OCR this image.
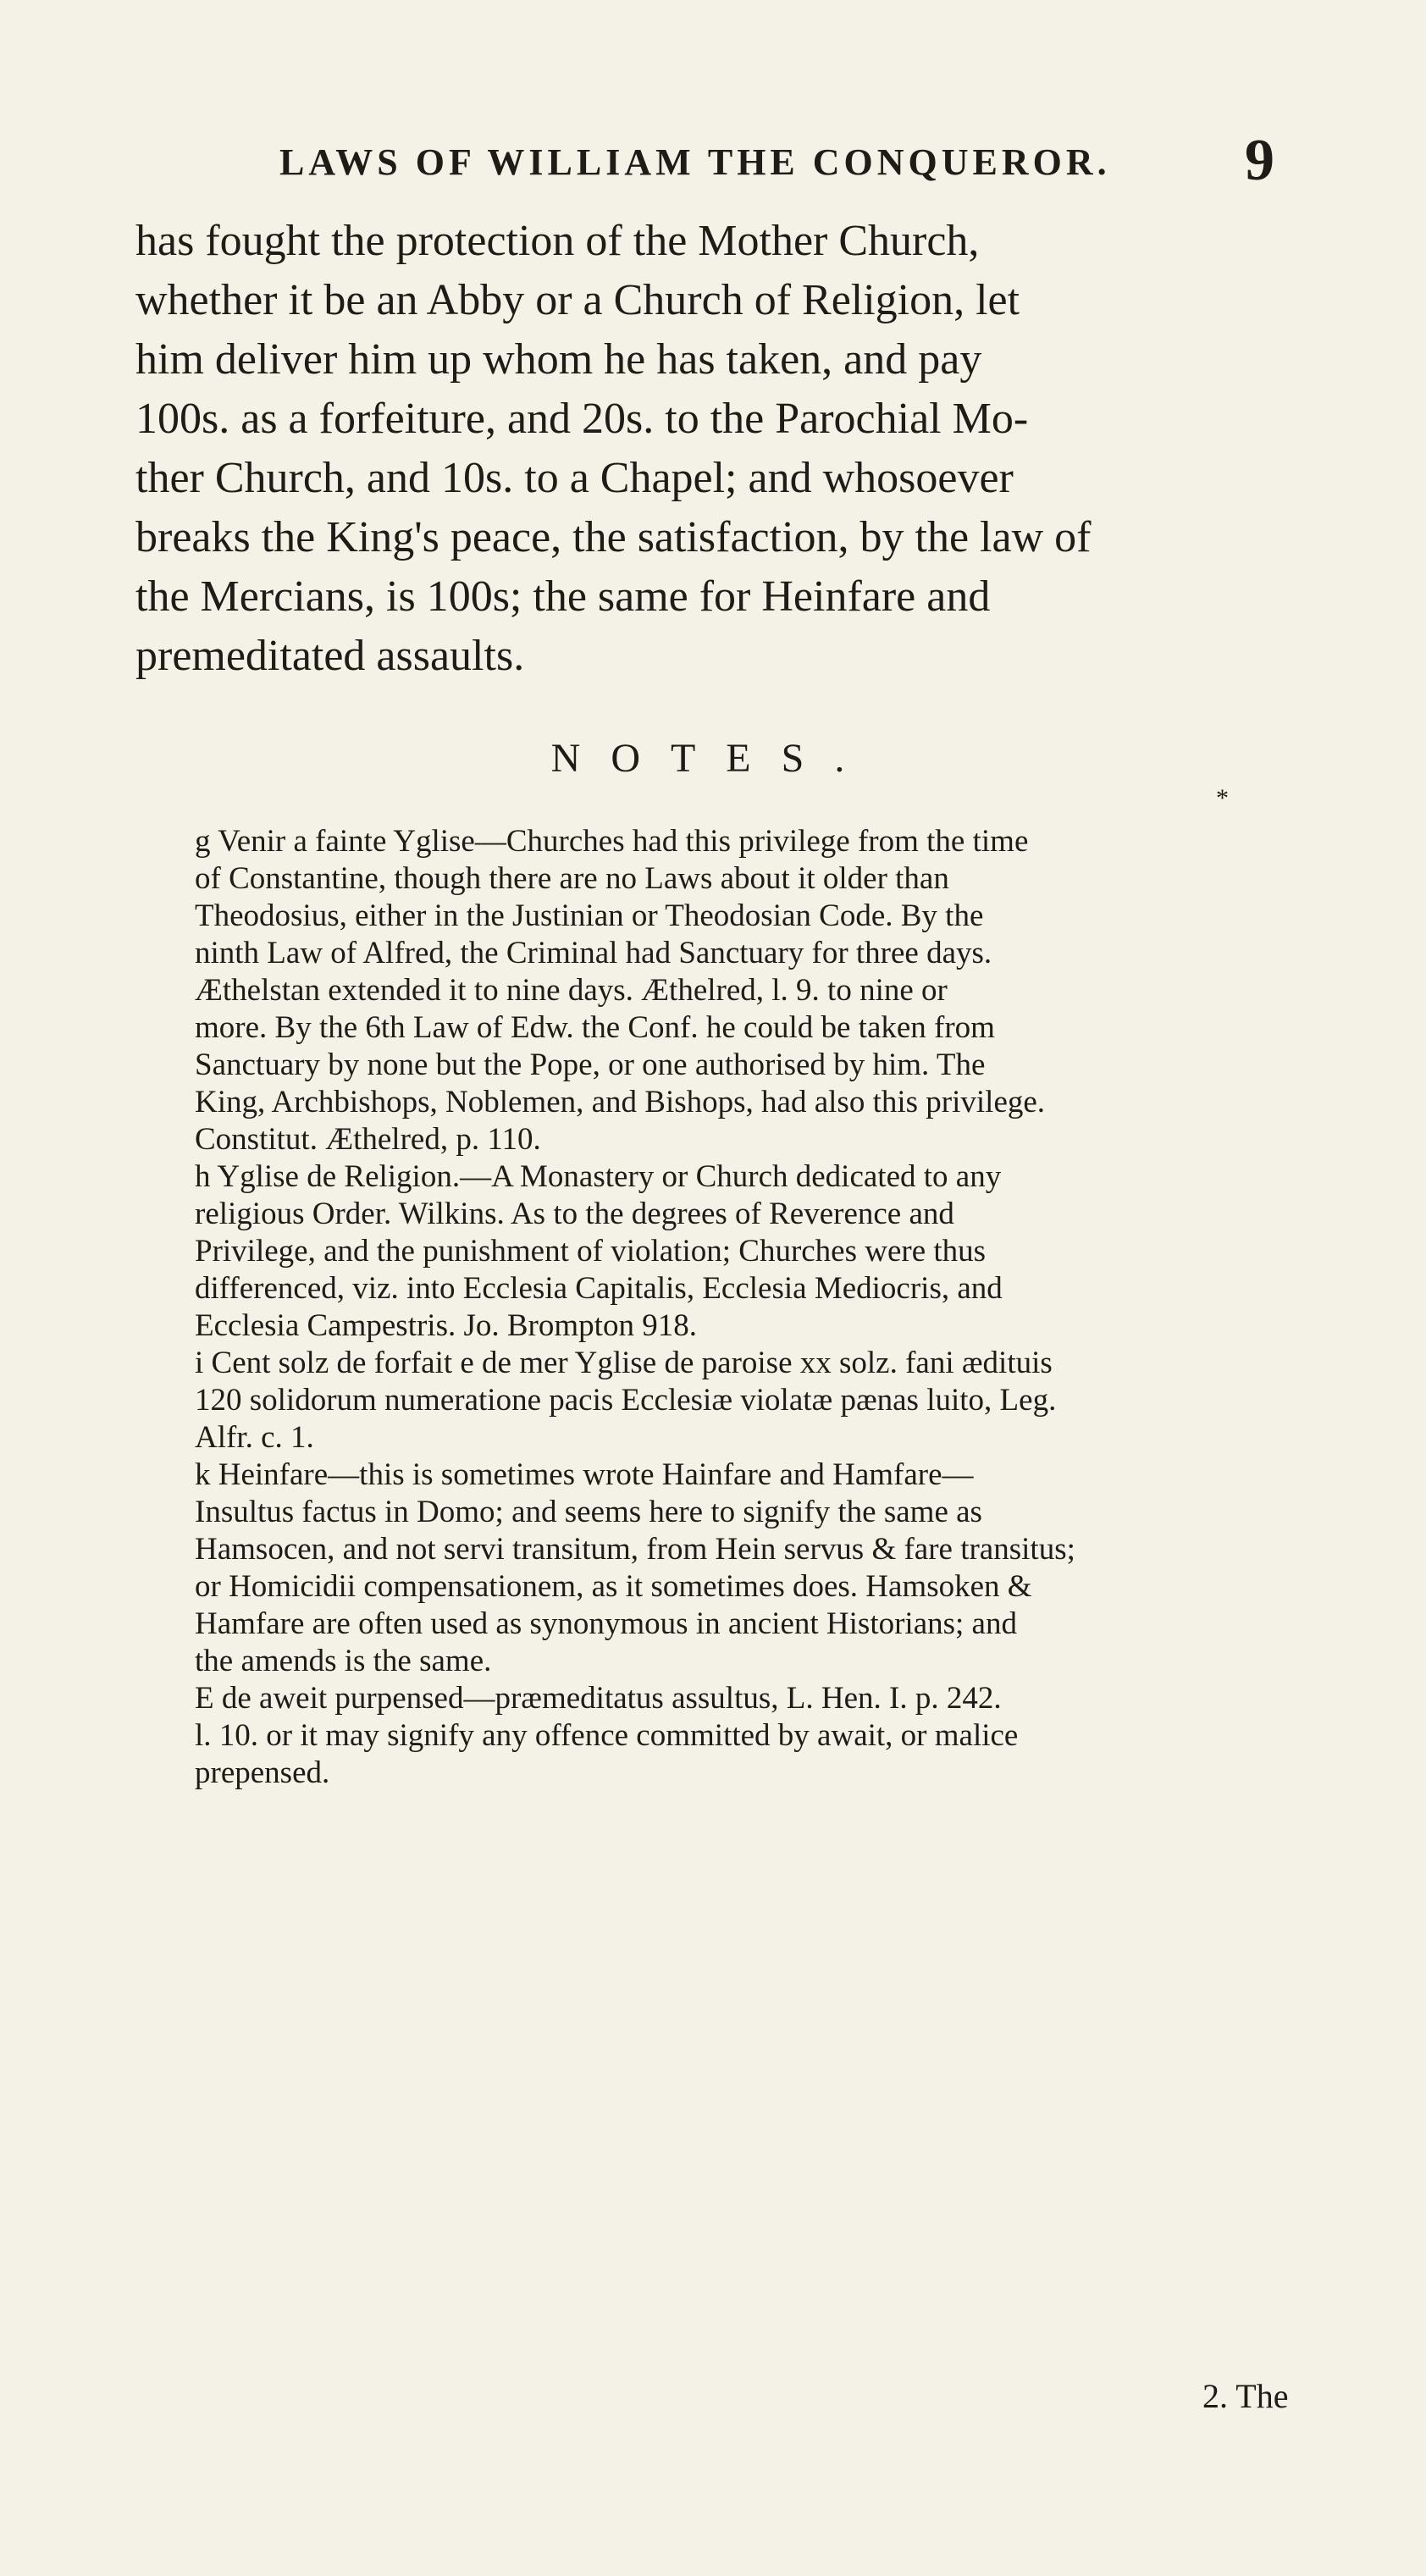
LAWS OF WILLIAM THE CONQUEROR. 9
has fought the protection of the Mother Church,
whether it be an Abby or a Church of Religion, let
him deliver him up whom he has taken, and pay
100s. as a forfeiture, and 20s. to the Parochial Mo-
ther Church, and 10s. to a Chapel; and whosoever
breaks the King's peace, the satisfaction, by the law of
the Mercians, is 100s; the same for Heinfare and
premeditated assaults.
NOTES.
*
g Venir a fainte Yglise—Churches had this privilege from the time
of Constantine, though there are no Laws about it older than
Theodosius, either in the Justinian or Theodosian Code. By the
ninth Law of Alfred, the Criminal had Sanctuary for three days.
Æthelstan extended it to nine days. Æthelred, l. 9. to nine or
more. By the 6th Law of Edw. the Conf. he could be taken from
Sanctuary by none but the Pope, or one authorised by him. The
King, Archbishops, Noblemen, and Bishops, had also this privilege.
Constitut. Æthelred, p. 110.
h Yglise de Religion.—A Monastery or Church dedicated to any
religious Order. Wilkins. As to the degrees of Reverence and
Privilege, and the punishment of violation; Churches were thus
differenced, viz. into Ecclesia Capitalis, Ecclesia Mediocris, and
Ecclesia Campestris. Jo. Brompton 918.
i Cent solz de forfait e de mer Yglise de paroise xx solz. fani ædituis
120 solidorum numeratione pacis Ecclesiæ violatæ pænas luito, Leg.
Alfr. c. 1.
k Heinfare—this is sometimes wrote Hainfare and Hamfare—
Insultus factus in Domo; and seems here to signify the same as
Hamsocen, and not servi transitum, from Hein servus & fare transitus;
or Homicidii compensationem, as it sometimes does. Hamsoken &
Hamfare are often used as synonymous in ancient Historians; and
the amends is the same.
E de aweit purpensed—præmeditatus assultus, L. Hen. I. p. 242.
l. 10. or it may signify any offence committed by await, or malice
prepensed.
2. The
